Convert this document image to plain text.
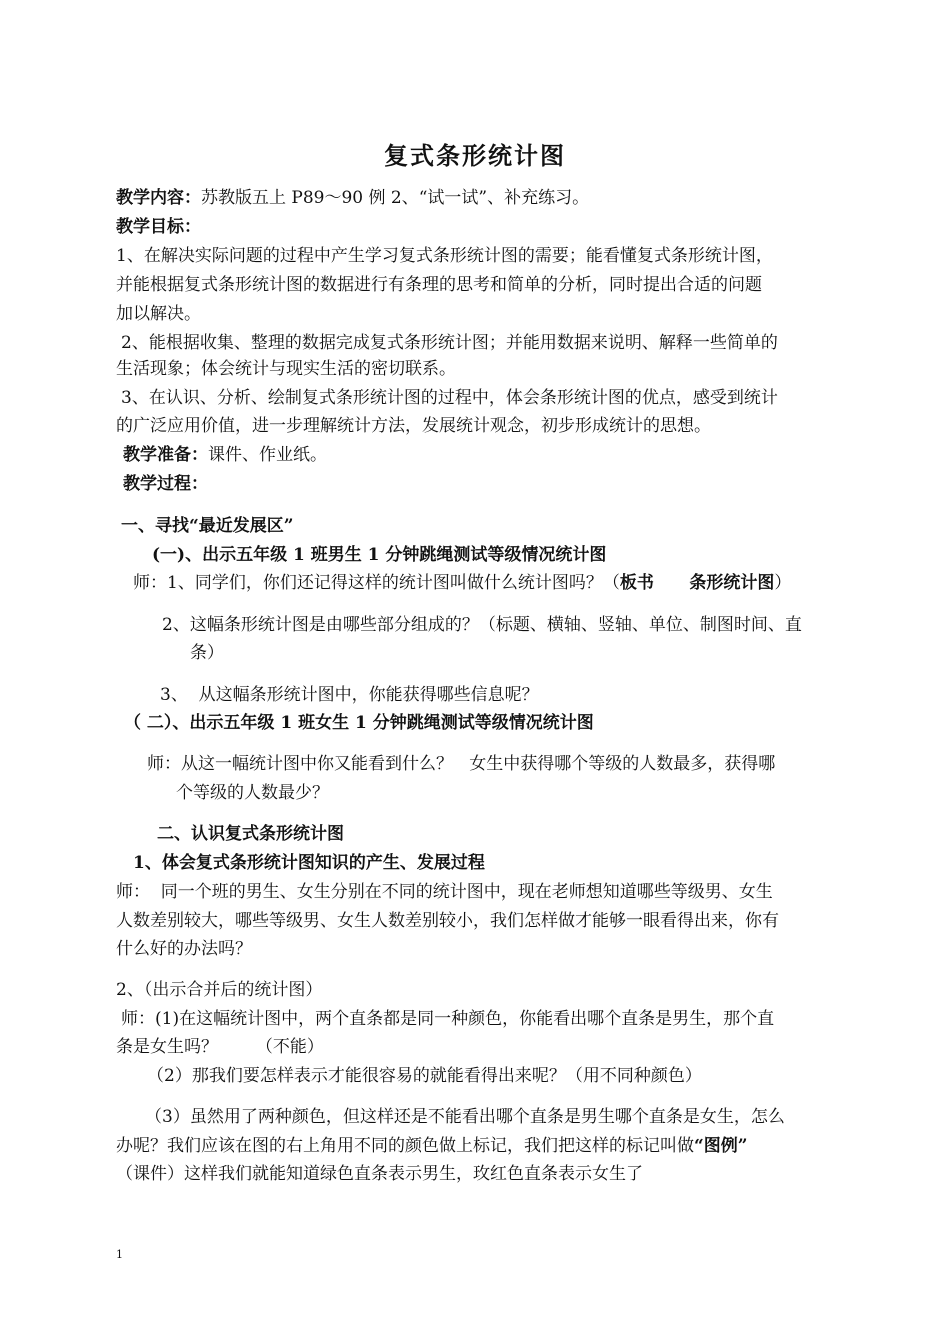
复式条形统计图
教学内容：苏教版五上 P89～90 例 2、“试一试”、补充练习。
教学目标：
1、在解决实际问题的过程中产生学习复式条形统计图的需要；能看懂复式条形统计图，
并能根据复式条形统计图的数据进行有条理的思考和简单的分析，同时提出合适的问题
加以解决。
2、能根据收集、整理的数据完成复式条形统计图；并能用数据来说明、解释一些简单的
生活现象；体会统计与现实生活的密切联系。
3、在认识、分析、绘制复式条形统计图的过程中，体会条形统计图的优点，感受到统计
的广泛应用价值，进一步理解统计方法，发展统计观念，初步形成统计的思想。
教学准备：课件、作业纸。
教学过程：
一、寻找“最近发展区”
(一)、出示五年级 1 班男生 1 分钟跳绳测试等级情况统计图
师：1、同学们，你们还记得这样的统计图叫做什么统计图吗？（板书      条形统计图）
2、这幅条形统计图是由哪些部分组成的？（标题、横轴、竖轴、单位、制图时间、直
条）
3、  从这幅条形统计图中，你能获得哪些信息呢？
（ 二）、出示五年级 1 班女生 1 分钟跳绳测试等级情况统计图
师：从这一幅统计图中你又能看到什么？   女生中获得哪个等级的人数最多，获得哪
个等级的人数最少？
二、认识复式条形统计图
1、体会复式条形统计图知识的产生、发展过程
师：  同一个班的男生、女生分别在不同的统计图中，现在老师想知道哪些等级男、女生
人数差别较大，哪些等级男、女生人数差别较小，我们怎样做才能够一眼看得出来，你有
什么好的办法吗？
2、（出示合并后的统计图）
师：(1)在这幅统计图中，两个直条都是同一种颜色，你能看出哪个直条是男生，那个直
条是女生吗？       （不能）
（2）那我们要怎样表示才能很容易的就能看得出来呢？（用不同种颜色）
（3）虽然用了两种颜色，但这样还是不能看出哪个直条是男生哪个直条是女生，怎么
办呢？我们应该在图的右上角用不同的颜色做上标记，我们把这样的标记叫做“图例”
（课件）这样我们就能知道绿色直条表示男生，玫红色直条表示女生了
1
